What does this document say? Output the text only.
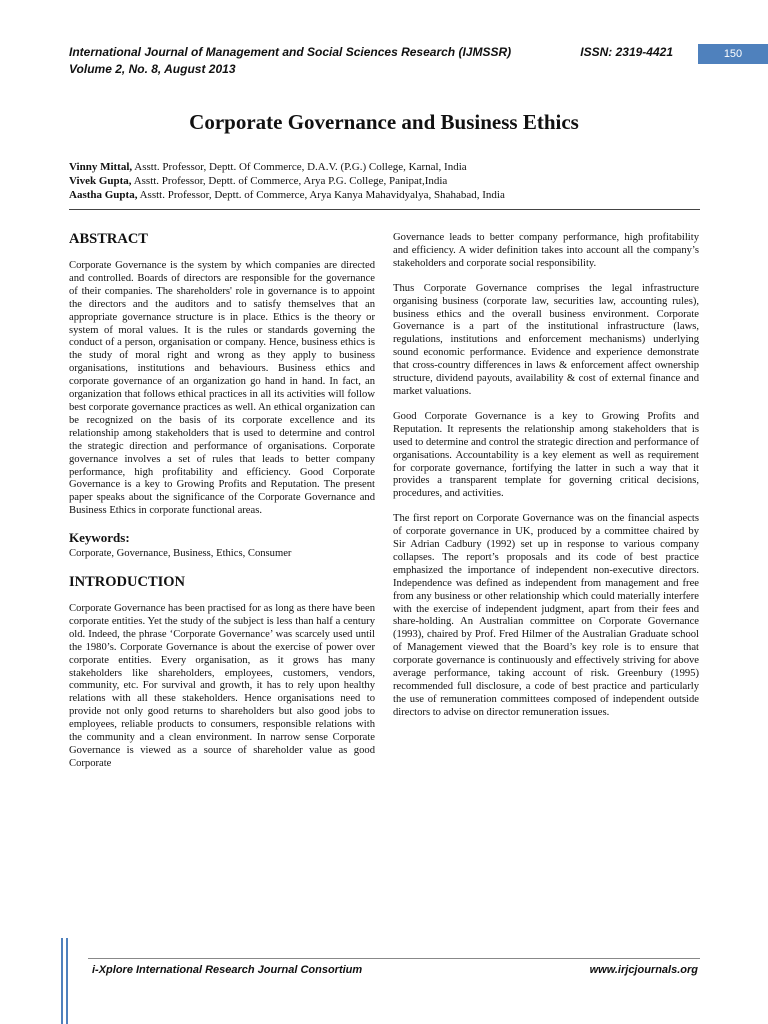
International Journal of Management and Social Sciences Research (IJMSSR)
Volume 2, No. 8, August 2013
ISSN: 2319-4421	150
Corporate Governance and Business Ethics
Vinny Mittal, Asstt. Professor, Deptt. Of Commerce, D.A.V. (P.G.) College, Karnal, India
Vivek Gupta, Asstt. Professor, Deptt. of Commerce, Arya P.G. College, Panipat,India
Aastha Gupta, Asstt. Professor, Deptt. of Commerce, Arya Kanya Mahavidyalya, Shahabad, India
ABSTRACT

Corporate Governance is the system by which companies are directed and controlled. Boards of directors are responsible for the governance of their companies. The shareholders' role in governance is to appoint the directors and the auditors and to satisfy themselves that an appropriate governance structure is in place. Ethics is the theory or system of moral values. It is the rules or standards governing the conduct of a person, organisation or company. Hence, business ethics is the study of moral right and wrong as they apply to business organisations, institutions and behaviours. Business ethics and corporate governance of an organization go hand in hand. In fact, an organization that follows ethical practices in all its activities will follow best corporate governance practices as well. An ethical organization can be recognized on the basis of its corporate excellence and its relationship among stakeholders that is used to determine and control the strategic direction and performance of organisations. Corporate governance involves a set of rules that leads to better company performance, high profitability and efficiency. Good Corporate Governance is a key to Growing Profits and Reputation. The present paper speaks about the significance of the Corporate Governance and Business Ethics in corporate functional areas.

Keywords:

Corporate, Governance, Business, Ethics, Consumer

INTRODUCTION

Corporate Governance has been practised for as long as there have been corporate entities. Yet the study of the subject is less than half a century old. Indeed, the phrase ‘Corporate Governance’ was scarcely used until the 1980’s. Corporate Governance is about the exercise of power over corporate entities. Every organisation, as it grows has many stakeholders like shareholders, employees, customers, vendors, community, etc. For survival and growth, it has to rely upon healthy relations with all these stakeholders. Hence organisations need to provide not only good returns to shareholders but also good jobs to employees, reliable products to consumers, responsible relations with the community and a clean environment. In narrow sense Corporate Governance is viewed as a source of shareholder value as good Corporate

Governance leads to better company performance, high profitability and efficiency. A wider definition takes into account all the company’s stakeholders and corporate social responsibility.

Thus Corporate Governance comprises the legal infrastructure organising business (corporate law, securities law, accounting rules), business ethics and the overall business environment. Corporate Governance is a part of the institutional infrastructure (laws, regulations, institutions and enforcement mechanisms) underlying sound economic performance. Evidence and experience demonstrate that cross-country differences in laws & enforcement affect ownership structure, dividend payouts, availability & cost of external finance and market valuations.

Good Corporate Governance is a key to Growing Profits and Reputation. It represents the relationship among stakeholders that is used to determine and control the strategic direction and performance of organisations. Accountability is a key element as well as requirement for corporate governance, fortifying the latter in such a way that it provides a transparent template for governing critical decisions, procedures, and activities.

The first report on Corporate Governance was on the financial aspects of corporate governance in UK, produced by a committee chaired by Sir Adrian Cadbury (1992) set up in response to various company collapses. The report’s proposals and its code of best practice emphasized the importance of independent non-executive directors. Independence was defined as independent from management and free from any business or other relationship which could materially interfere with the exercise of independent judgment, apart from their fees and share-holding. An Australian committee on Corporate Governance (1993), chaired by Prof. Fred Hilmer of the Australian Graduate school of Management viewed that the Board’s key role is to ensure that corporate governance is continuously and effectively striving for above average performance, taking account of risk. Greenbury (1995) recommended full disclosure, a code of best practice and particularly the use of remuneration committees composed of independent outside directors to advise on director remuneration issues.

i-Xplore International Research Journal Consortium	www.irjcjournals.org
